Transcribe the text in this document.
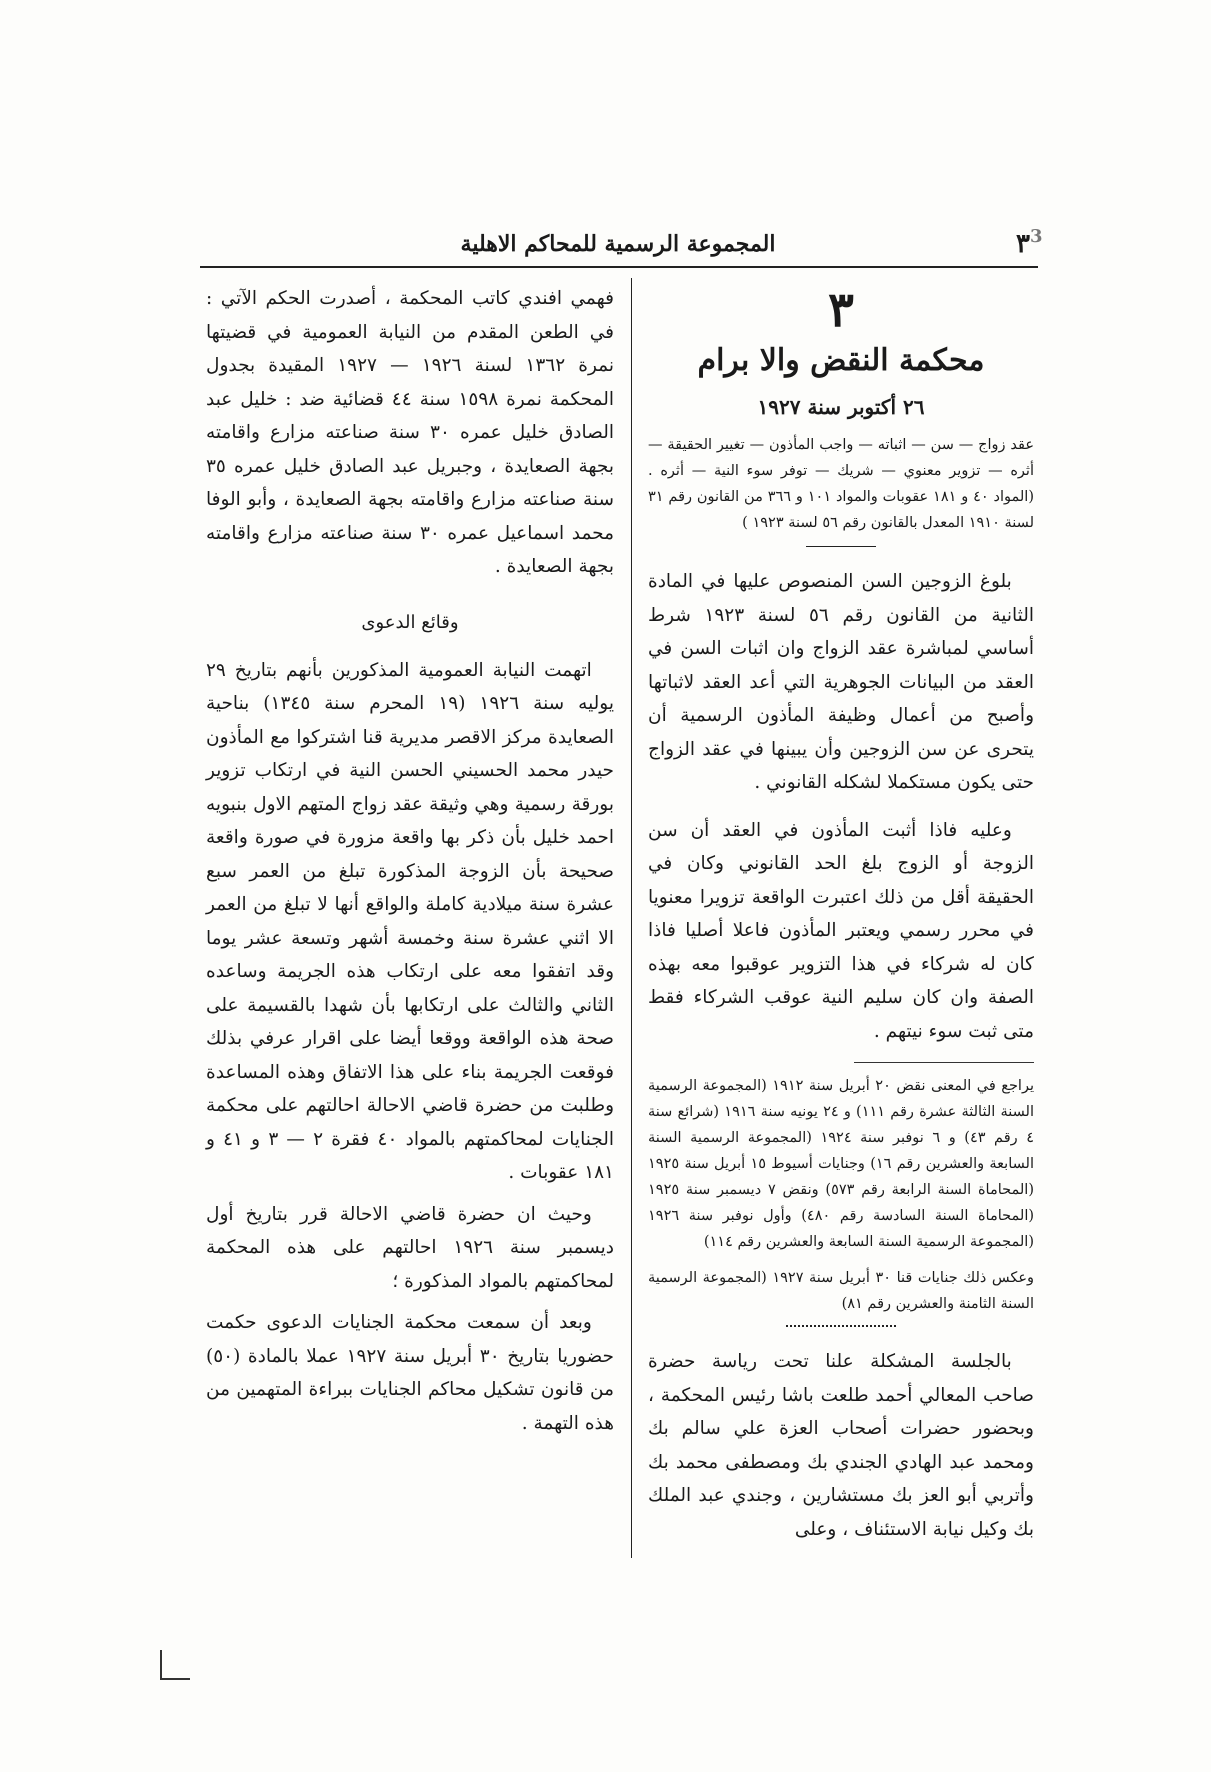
٣
المجموعة الرسمية للمحاكم الاهلية	3

٣

محكمة النقض والا برام

٢٦ أكتوبر سنة ١٩٢٧

عقد زواج — سن — اثباته — واجب المأذون — تغيير الحقيقة — أثره — تزوير معنوي — شريك — توفر سوء النية — أثره . (المواد ٤٠ و ١٨١ عقوبات والمواد ١٠١ و ٣٦٦ من القانون رقم ٣١ لسنة ١٩١٠ المعدل بالقانون رقم ٥٦ لسنة ١٩٢٣ )

بلوغ الزوجين السن المنصوص عليها في المادة الثانية من القانون رقم ٥٦ لسنة ١٩٢٣ شرط أساسي لمباشرة عقد الزواج وان اثبات السن في العقد من البيانات الجوهرية التي أعد العقد لاثباتها وأصبح من أعمال وظيفة المأذون الرسمية أن يتحرى عن سن الزوجين وأن يبينها في عقد الزواج حتى يكون مستكملا لشكله القانوني .

وعليه فاذا أثبت المأذون في العقد أن سن الزوجة أو الزوج بلغ الحد القانوني وكان في الحقيقة أقل من ذلك اعتبرت الواقعة تزويرا معنويا في محرر رسمي ويعتبر المأذون فاعلا أصليا فاذا كان له شركاء في هذا التزوير عوقبوا معه بهذه الصفة وان كان سليم النية عوقب الشركاء فقط متى ثبت سوء نيتهم .

يراجع في المعنى نقض ٢٠ أبريل سنة ١٩١٢ (المجموعة الرسمية السنة الثالثة عشرة رقم ١١١) و ٢٤ يونيه سنة ١٩١٦ (شرائع سنة ٤ رقم ٤٣) و ٦ نوفبر سنة ١٩٢٤ (المجموعة الرسمية السنة السابعة والعشرين رقم ١٦) وجنايات أسيوط ١٥ أبريل سنة ١٩٢٥ (المحاماة السنة الرابعة رقم ٥٧٣) ونقض ٧ ديسمبر سنة ١٩٢٥ (المحاماة السنة السادسة رقم ٤٨٠) وأول نوفبر سنة ١٩٢٦ (المجموعة الرسمية السنة السابعة والعشرين رقم ١١٤)

وعكس ذلك جنايات قنا ٣٠ أبريل سنة ١٩٢٧ (المجموعة الرسمية السنة الثامنة والعشرين رقم ٨١)

بالجلسة المشكلة علنا تحت رياسة حضرة صاحب المعالي أحمد طلعت باشا رئيس المحكمة ، وبحضور حضرات أصحاب العزة علي سالم بك ومحمد عبد الهادي الجندي بك ومصطفى محمد بك وأتربي أبو العز بك مستشارين ، وجندي عبد الملك بك وكيل نيابة الاستئناف ، وعلى

فهمي افندي كاتب المحكمة ، أصدرت الحكم الآتي : في الطعن المقدم من النيابة العمومية في قضيتها نمرة ١٣٦٢ لسنة ١٩٢٦ — ١٩٢٧ المقيدة بجدول المحكمة نمرة ١٥٩٨ سنة ٤٤ قضائية ضد : خليل عبد الصادق خليل عمره ٣٠ سنة صناعته مزارع واقامته بجهة الصعايدة ، وجبريل عبد الصادق خليل عمره ٣٥ سنة صناعته مزارع واقامته بجهة الصعايدة ، وأبو الوفا محمد اسماعيل عمره ٣٠ سنة صناعته مزارع واقامته بجهة الصعايدة .

وقائع الدعوى

اتهمت النيابة العمومية المذكورين بأنهم بتاريخ ٢٩ يوليه سنة ١٩٢٦ (١٩ المحرم سنة ١٣٤٥) بناحية الصعايدة مركز الاقصر مديرية قنا اشتركوا مع المأذون حيدر محمد الحسيني الحسن النية في ارتكاب تزوير بورقة رسمية وهي وثيقة عقد زواج المتهم الاول بنبويه احمد خليل بأن ذكر بها واقعة مزورة في صورة واقعة صحيحة بأن الزوجة المذكورة تبلغ من العمر سبع عشرة سنة ميلادية كاملة والواقع أنها لا تبلغ من العمر الا اثني عشرة سنة وخمسة أشهر وتسعة عشر يوما وقد اتفقوا معه على ارتكاب هذه الجريمة وساعده الثاني والثالث على ارتكابها بأن شهدا بالقسيمة على صحة هذه الواقعة ووقعا أيضا على اقرار عرفي بذلك فوقعت الجريمة بناء على هذا الاتفاق وهذه المساعدة وطلبت من حضرة قاضي الاحالة احالتهم على محكمة الجنايات لمحاكمتهم بالمواد ٤٠ فقرة ٢ — ٣ و ٤١ و ١٨١ عقوبات .

وحيث ان حضرة قاضي الاحالة قرر بتاريخ أول ديسمبر سنة ١٩٢٦ احالتهم على هذه المحكمة لمحاكمتهم بالمواد المذكورة ؛

وبعد أن سمعت محكمة الجنايات الدعوى حكمت حضوريا بتاريخ ٣٠ أبريل سنة ١٩٢٧ عملا بالمادة (٥٠) من قانون تشكيل محاكم الجنايات ببراءة المتهمين من هذه التهمة .
